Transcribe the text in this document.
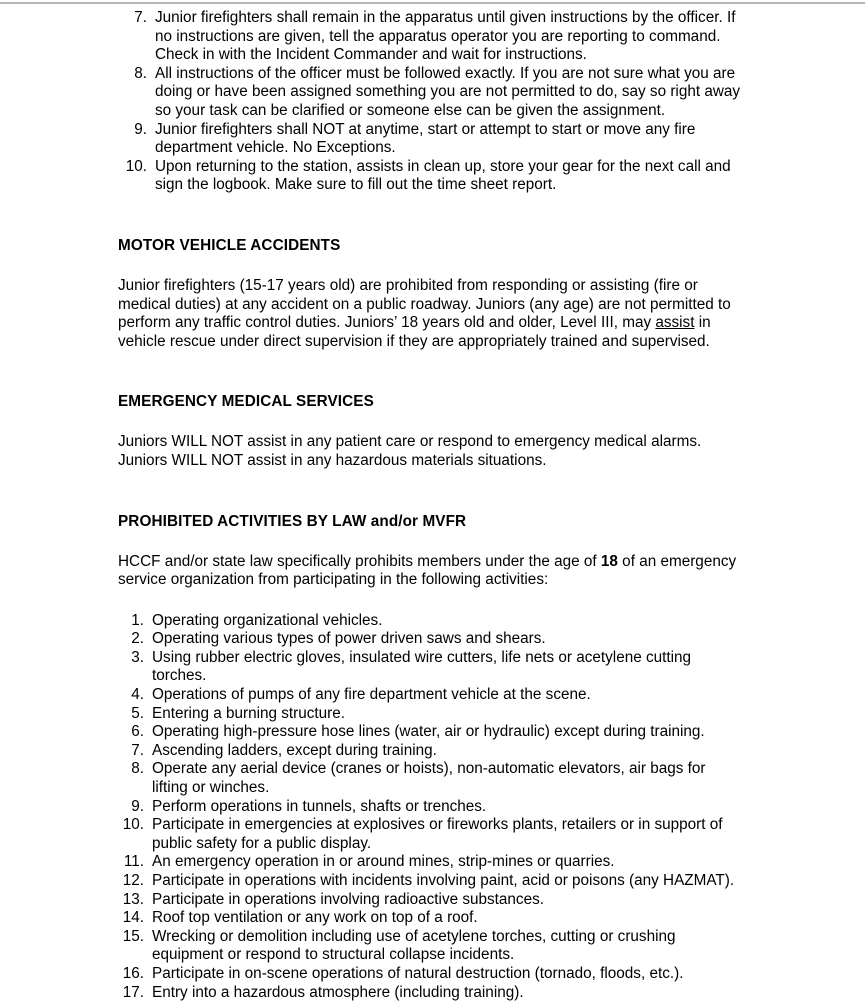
7. Junior firefighters shall remain in the apparatus until given instructions by the officer. If no instructions are given, tell the apparatus operator you are reporting to command. Check in with the Incident Commander and wait for instructions.
8. All instructions of the officer must be followed exactly. If you are not sure what you are doing or have been assigned something you are not permitted to do, say so right away so your task can be clarified or someone else can be given the assignment.
9. Junior firefighters shall NOT at anytime, start or attempt to start or move any fire department vehicle. No Exceptions.
10. Upon returning to the station, assists in clean up, store your gear for the next call and sign the logbook. Make sure to fill out the time sheet report.
MOTOR VEHICLE ACCIDENTS

Junior firefighters (15-17 years old) are prohibited from responding or assisting (fire or medical duties) at any accident on a public roadway. Juniors (any age) are not permitted to perform any traffic control duties. Juniors’ 18 years old and older, Level III, may assist in vehicle rescue under direct supervision if they are appropriately trained and supervised.

EMERGENCY MEDICAL SERVICES

Juniors WILL NOT assist in any patient care or respond to emergency medical alarms. Juniors WILL NOT assist in any hazardous materials situations.

PROHIBITED ACTIVITIES BY LAW and/or MVFR

HCCF and/or state law specifically prohibits members under the age of 18 of an emergency service organization from participating in the following activities:

1. Operating organizational vehicles.
2. Operating various types of power driven saws and shears.
3. Using rubber electric gloves, insulated wire cutters, life nets or acetylene cutting torches.
4. Operations of pumps of any fire department vehicle at the scene.
5. Entering a burning structure.
6. Operating high-pressure hose lines (water, air or hydraulic) except during training.
7. Ascending ladders, except during training.
8. Operate any aerial device (cranes or hoists), non-automatic elevators, air bags for lifting or winches.
9. Perform operations in tunnels, shafts or trenches.
10. Participate in emergencies at explosives or fireworks plants, retailers or in support of public safety for a public display.
11. An emergency operation in or around mines, strip-mines or quarries.
12. Participate in operations with incidents involving paint, acid or poisons (any HAZMAT).
13. Participate in operations involving radioactive substances.
14. Roof top ventilation or any work on top of a roof.
15. Wrecking or demolition including use of acetylene torches, cutting or crushing equipment or respond to structural collapse incidents.
16. Participate in on-scene operations of natural destruction (tornado, floods, etc.).
17. Entry into a hazardous atmosphere (including training).
